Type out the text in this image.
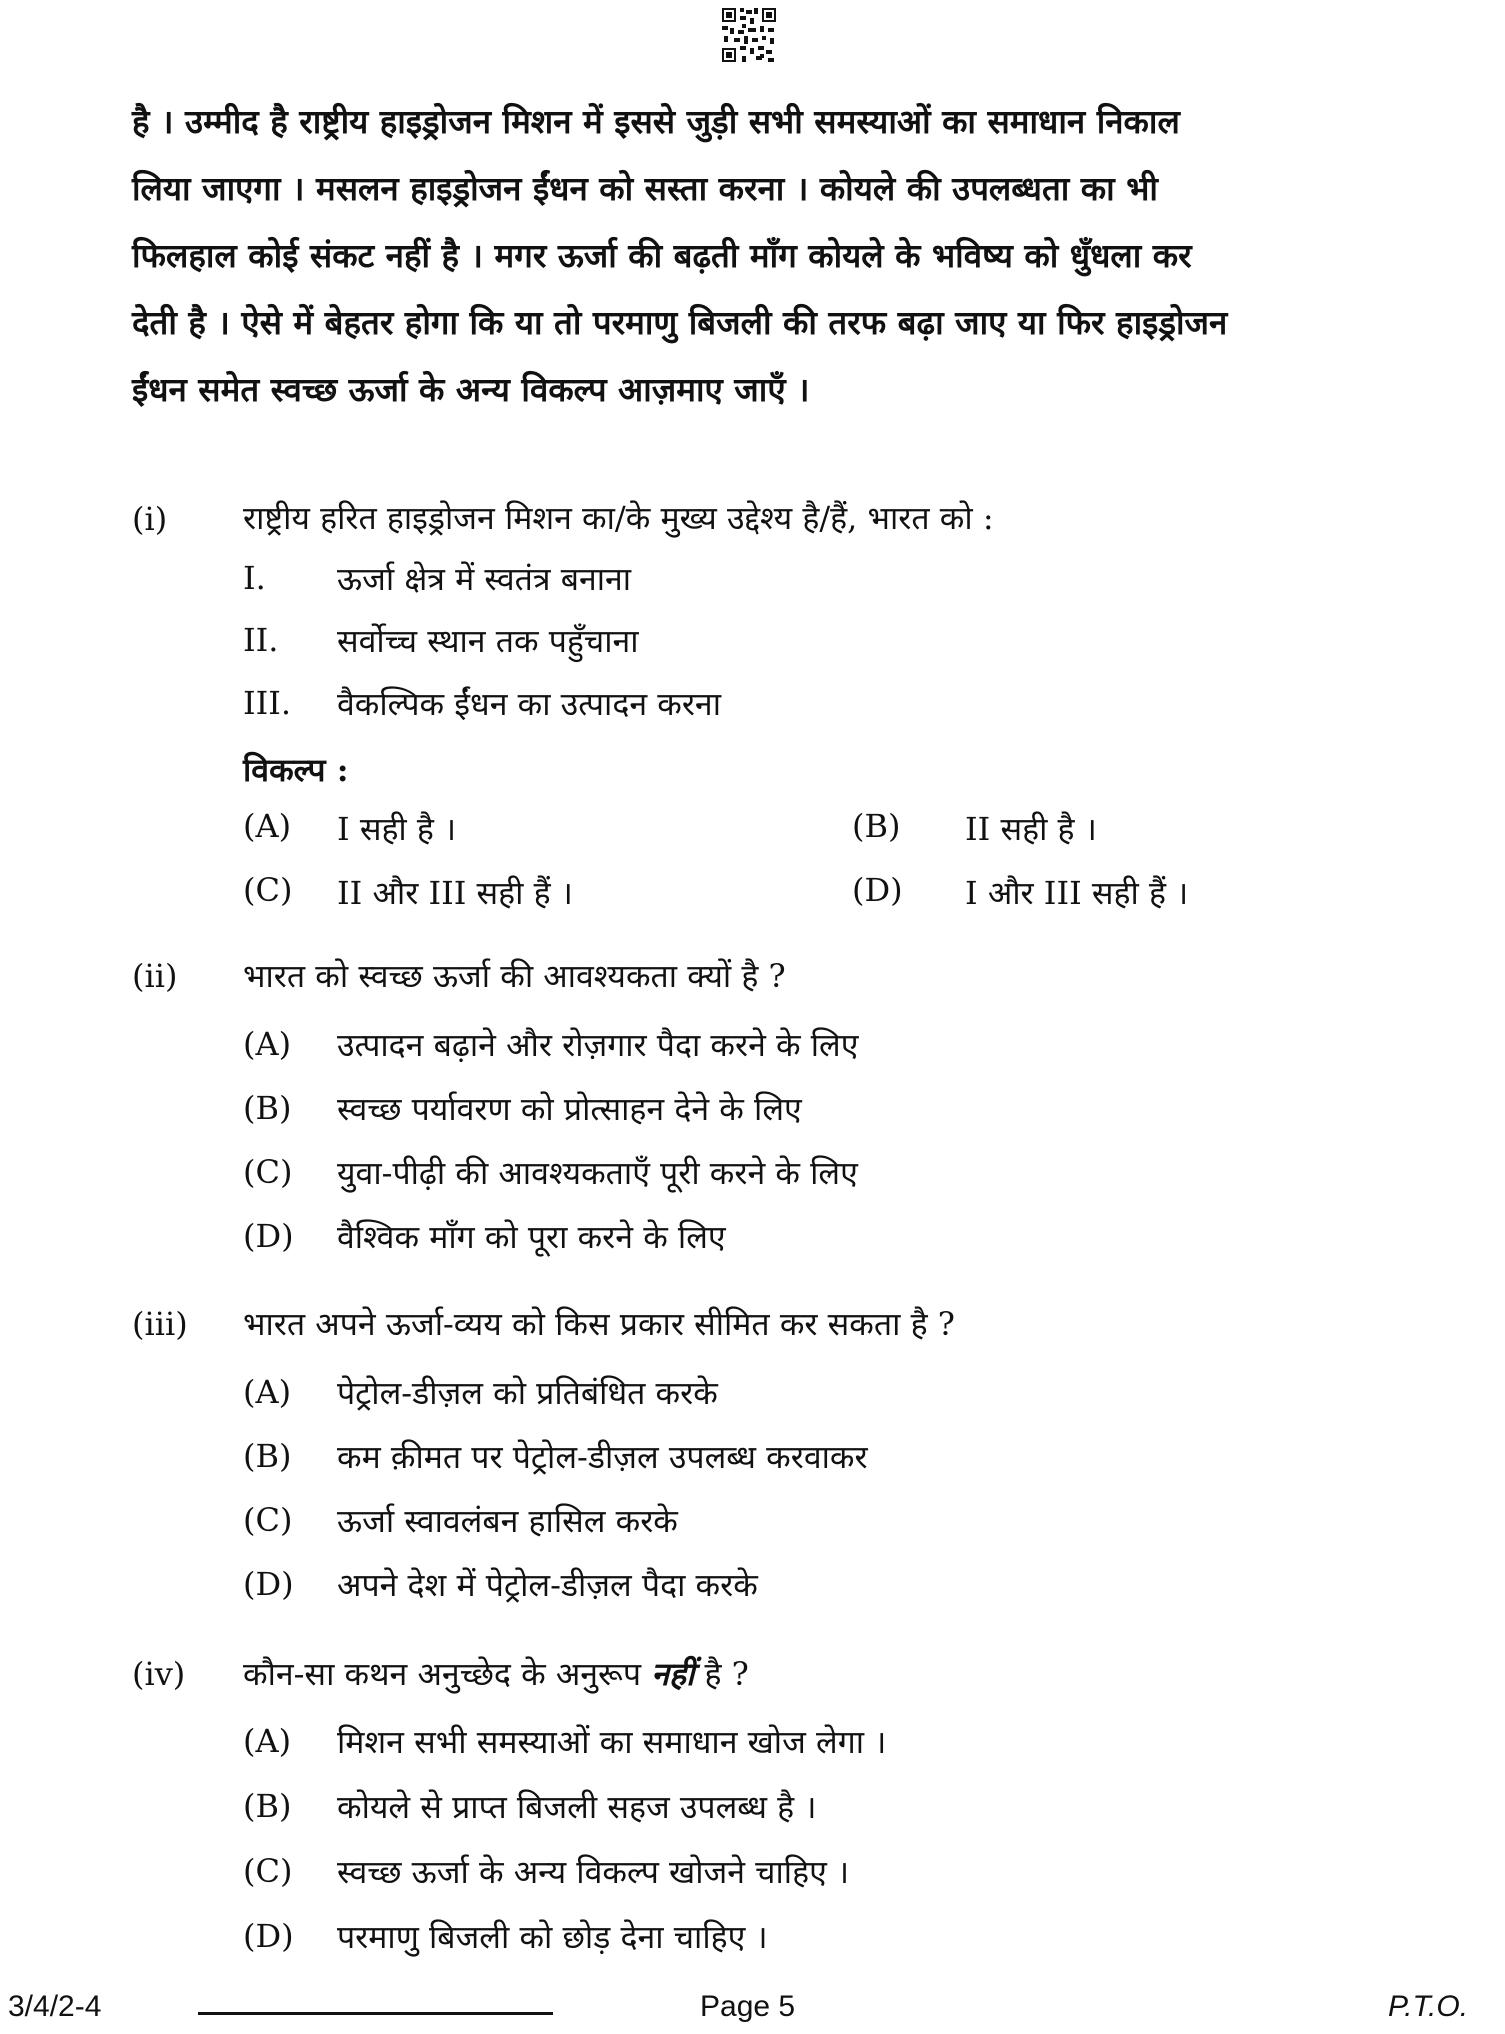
है । उम्मीद है राष्ट्रीय हाइड्रोजन मिशन में इससे जुड़ी सभी समस्याओं का समाधान निकाल
लिया जाएगा । मसलन हाइड्रोजन ईंधन को सस्ता करना । कोयले की उपलब्धता का भी
फिलहाल कोई संकट नहीं है । मगर ऊर्जा की बढ़ती माँग कोयले के भविष्य को धुँधला कर
देती है । ऐसे में बेहतर होगा कि या तो परमाणु बिजली की तरफ बढ़ा जाए या फिर हाइड्रोजन
ईंधन समेत स्वच्छ ऊर्जा के अन्य विकल्प आज़माए जाएँ ।
(i) राष्ट्रीय हरित हाइड्रोजन मिशन का/के मुख्य उद्देश्य है/हैं, भारत को :
I. ऊर्जा क्षेत्र में स्वतंत्र बनाना
II. सर्वोच्च स्थान तक पहुँचाना
III. वैकल्पिक ईंधन का उत्पादन करना
विकल्प :
(A) I सही है ।	(B) II सही है ।
(C) II और III सही हैं ।	(D) I और III सही हैं ।
(ii) भारत को स्वच्छ ऊर्जा की आवश्यकता क्यों है ?
(A) उत्पादन बढ़ाने और रोज़गार पैदा करने के लिए
(B) स्वच्छ पर्यावरण को प्रोत्साहन देने के लिए
(C) युवा-पीढ़ी की आवश्यकताएँ पूरी करने के लिए
(D) वैश्विक माँग को पूरा करने के लिए
(iii) भारत अपने ऊर्जा-व्यय को किस प्रकार सीमित कर सकता है ?
(A) पेट्रोल-डीज़ल को प्रतिबंधित करके
(B) कम क़ीमत पर पेट्रोल-डीज़ल उपलब्ध करवाकर
(C) ऊर्जा स्वावलंबन हासिल करके
(D) अपने देश में पेट्रोल-डीज़ल पैदा करके
(iv) कौन-सा कथन अनुच्छेद के अनुरूप नहीं है ?
(A) मिशन सभी समस्याओं का समाधान खोज लेगा ।
(B) कोयले से प्राप्त बिजली सहज उपलब्ध है ।
(C) स्वच्छ ऊर्जा के अन्य विकल्प खोजने चाहिए ।
(D) परमाणु बिजली को छोड़ देना चाहिए ।
3/4/2-4	Page 5	P.T.O.
